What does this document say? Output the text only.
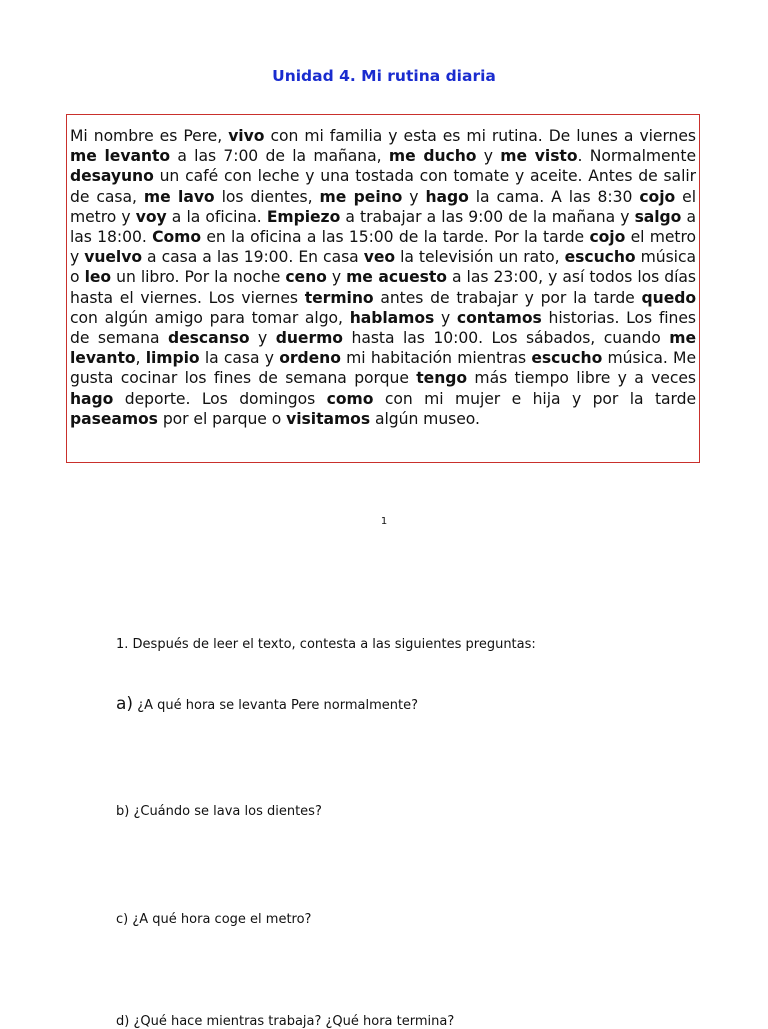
Unidad 4. Mi rutina diaria

Mi nombre es Pere, vivo con mi familia y esta es mi rutina. De lunes a viernes me levanto a las 7:00 de la mañana, me ducho y me visto. Normalmente desayuno un café con leche y una tostada con tomate y aceite. Antes de salir de casa, me lavo los dientes, me peino y hago la cama. A las 8:30 cojo el metro y voy a la oficina. Empiezo a trabajar a las 9:00 de la mañana y salgo a las 18:00. Como en la oficina a las 15:00 de la tarde. Por la tarde cojo el metro y vuelvo a casa a las 19:00. En casa veo la televisión un rato, escucho música o leo un libro. Por la noche ceno y me acuesto a las 23:00, y así todos los días hasta el viernes. Los viernes termino antes de trabajar y por la tarde quedo con algún amigo para tomar algo, hablamos y contamos historias. Los fines de semana descanso y duermo hasta las 10:00. Los sábados, cuando me levanto, limpio la casa y ordeno mi habitación mientras escucho música. Me gusta cocinar los fines de semana porque tengo más tiempo libre y a veces hago deporte. Los domingos como con mi mujer e hija y por la tarde paseamos por el parque o visitamos algún museo.

1
1. Después de leer el texto, contesta a las siguientes preguntas:
a) ¿A qué hora se levanta Pere normalmente?
b) ¿Cuándo se lava los dientes?
c) ¿A qué hora coge el metro?
d) ¿Qué hace mientras trabaja? ¿Qué hora termina?
